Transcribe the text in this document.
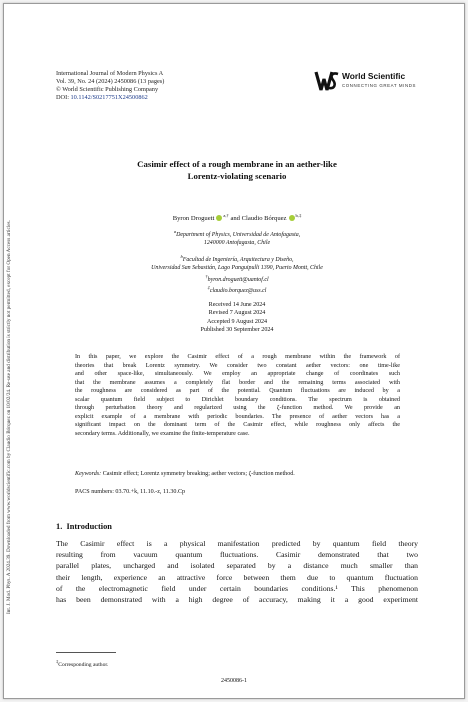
Int. J. Mod. Phys. A 2024.39. Downloaded from www.worldscientific.com by Claudio Bórquez on 10/02/24. Re-use and distribution is strictly not permitted, except for Open Access articles.
International Journal of Modern Physics A
Vol. 39, No. 24 (2024) 2450086 (13 pages)
© World Scientific Publishing Company
DOI: 10.1142/S0217751X24500862
World Scientific
CONNECTING GREAT MINDS
Casimir effect of a rough membrane in an aether-like
Lorentz-violating scenario
Byron Droguett $^{a,\dagger}$ and Claudio Bórquez $^{b,\ddagger}$
$^a$Department of Physics, Universidad de Antofagasta,
1240000 Antofagasta, Chile
$^b$Facultad de Ingeniería, Arquitectura y Diseño,
Universidad San Sebastián, Lago Panguipulli 1390, Puerto Montt, Chile
†byron.droguett@uantof.cl
‡claudio.borquez@uss.cl
Received 14 June 2024
Revised 7 August 2024
Accepted 9 August 2024
Published 30 September 2024
In this paper, we explore the Casimir effect of a rough membrane within the framework of
theories that break Lorentz symmetry. We consider two constant aether vectors: one time-like
and other space-like, simultaneously. We employ an appropriate change of coordinates such
that the membrane assumes a completely flat border and the remaining terms associated with
the roughness are considered as part of the potential. Quantum fluctuations are induced by a
scalar quantum field subject to Dirichlet boundary conditions. The spectrum is obtained
through perturbation theory and regularized using the ζ-function method. We provide an
explicit example of a membrane with periodic boundaries. The presence of aether vectors has a
significant impact on the dominant term of the Casimir effect, while roughness only affects the
secondary terms. Additionally, we examine the finite-temperature case.
Keywords: Casimir effect; Lorentz symmetry breaking; aether vectors; ζ-function method.
PACS numbers: 03.70.+k, 11.10.-z, 11.30.Cp
1. Introduction
The Casimir effect is a physical manifestation predicted by quantum field theory
resulting from vacuum quantum fluctuations. Casimir demonstrated that two
parallel plates, uncharged and isolated separated by a distance much smaller than
their length, experience an attractive force between them due to quantum fluctuation
of the electromagnetic field under certain boundaries conditions.¹ This phenomenon
has been demonstrated with a high degree of accuracy, making it a good experiment
‡Corresponding author.
2450086-1
